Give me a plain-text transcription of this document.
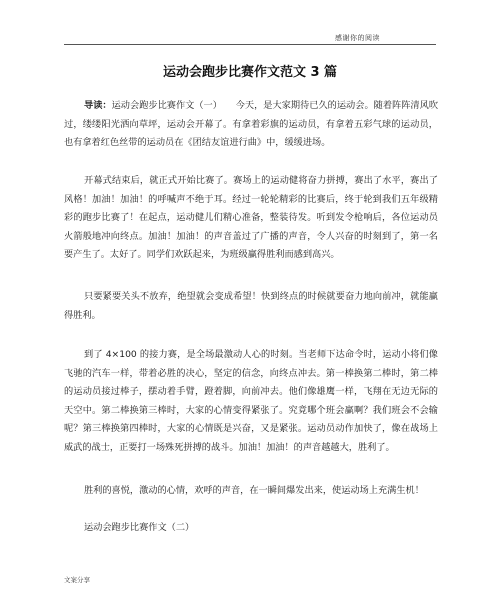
感谢你的阅读
运动会跑步比赛作文范文 3 篇

导读：运动会跑步比赛作文（一）　　今天，是大家期待已久的运动会。随着阵阵清风吹过，缕缕阳光洒向草坪，运动会开幕了。有拿着彩旗的运动员，有拿着五彩气球的运动员，也有拿着红色丝带的运动员在《团结友谊进行曲》中，缓缓进场。

开幕式结束后，就正式开始比赛了。赛场上的运动健将奋力拼搏，赛出了水平，赛出了风格！加油！加油！的呼喊声不绝于耳。经过一轮轮精彩的比赛后，终于轮到我们五年级精彩的跑步比赛了！在起点，运动健儿们精心准备，整装待发。听到发令枪响后，各位运动员火箭般地冲向终点。加油！加油！的声音盖过了广播的声音，令人兴奋的时刻到了，第一名要产生了。太好了。同学们欢跃起来，为班级赢得胜利而感到高兴。

只要紧要关头不放弃，绝望就会变成希望！快到终点的时候就要奋力地向前冲，就能赢得胜利。

到了 4×100 的接力赛，是全场最激动人心的时刻。当老师下达命令时，运动小将们像飞驰的汽车一样，带着必胜的决心，坚定的信念，向终点冲去。第一棒换第二棒时，第二棒的运动员接过棒子，摆动着手臂，蹬着脚，向前冲去。他们像雄鹰一样，飞翔在无边无际的天空中。第二棒换第三棒时，大家的心情变得紧张了。究竟哪个班会赢啊？我们班会不会输呢？第三棒换第四棒时，大家的心情既是兴奋，又是紧张。运动员动作加快了，像在战场上威武的战士，正要打一场殊死拼搏的战斗。加油！加油！的声音越越大，胜利了。

胜利的喜悦，激动的心情，欢呼的声音，在一瞬间爆发出来，使运动场上充满生机！

运动会跑步比赛作文（二）

文案分享
